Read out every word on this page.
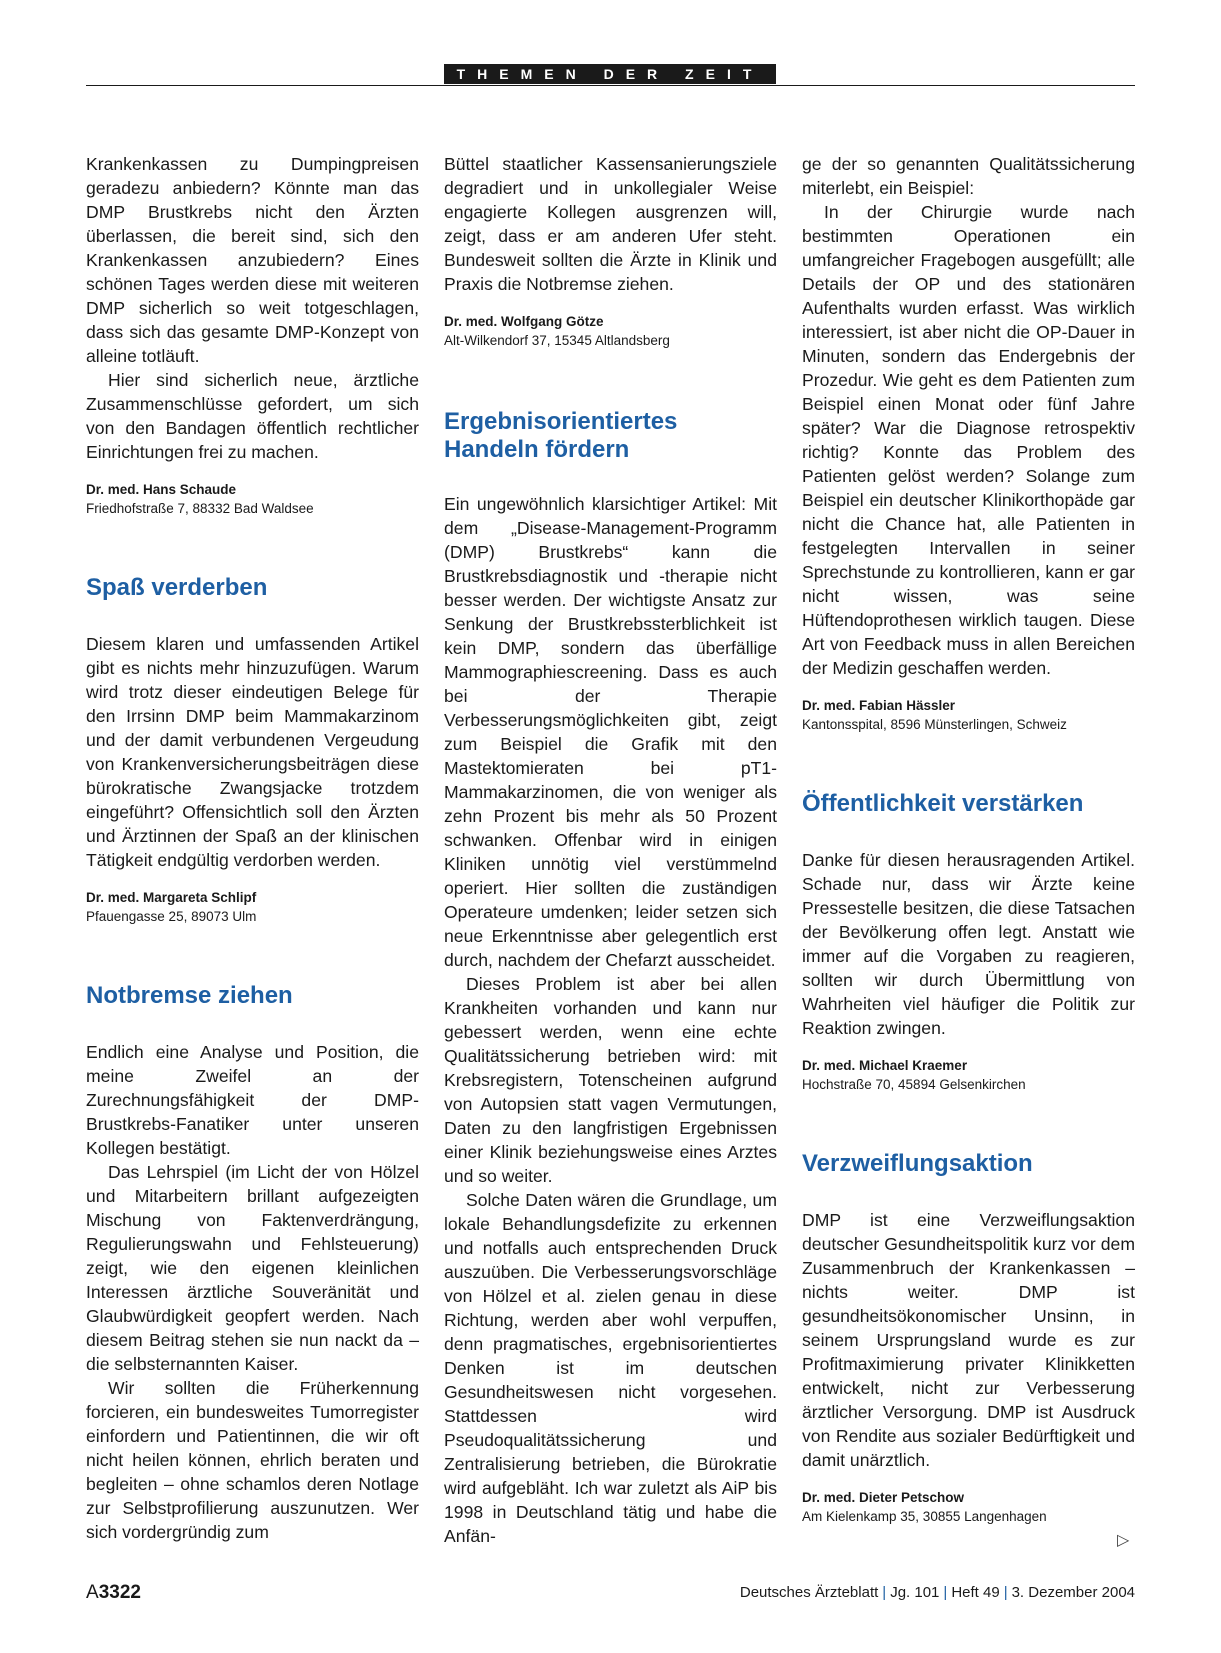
THEMEN DER ZEIT

Krankenkassen zu Dumpingpreisen geradezu anbiedern? Könnte man das DMP Brustkrebs nicht den Ärzten überlassen, die bereit sind, sich den Krankenkassen anzubiedern? Eines schönen Tages werden diese mit weiteren DMP sicherlich so weit totgeschlagen, dass sich das gesamte DMP-Konzept von alleine totläuft.

Hier sind sicherlich neue, ärztliche Zusammenschlüsse gefordert, um sich von den Bandagen öffentlich rechtlicher Einrichtungen frei zu machen.

Dr. med. Hans Schaude
Friedhofstraße 7, 88332 Bad Waldsee
Spaß verderben

Diesem klaren und umfassenden Artikel gibt es nichts mehr hinzuzufügen. Warum wird trotz dieser eindeutigen Belege für den Irrsinn DMP beim Mammakarzinom und der damit verbundenen Vergeudung von Krankenversicherungsbeiträgen diese bürokratische Zwangsjacke trotzdem eingeführt? Offensichtlich soll den Ärzten und Ärztinnen der Spaß an der klinischen Tätigkeit endgültig verdorben werden.

Dr. med. Margareta Schlipf
Pfauengasse 25, 89073 Ulm
Notbremse ziehen

Endlich eine Analyse und Position, die meine Zweifel an der Zurechnungsfähigkeit der DMP-Brustkrebs-Fanatiker unter unseren Kollegen bestätigt.

Das Lehrspiel (im Licht der von Hölzel und Mitarbeitern brillant aufgezeigten Mischung von Faktenverdrängung, Regulierungswahn und Fehlsteuerung) zeigt, wie den eigenen kleinlichen Interessen ärztliche Souveränität und Glaubwürdigkeit geopfert werden. Nach diesem Beitrag stehen sie nun nackt da – die selbsternannten Kaiser.

Wir sollten die Früherkennung forcieren, ein bundesweites Tumorregister einfordern und Patientinnen, die wir oft nicht heilen können, ehrlich beraten und begleiten – ohne schamlos deren Notlage zur Selbstprofilierung auszunutzen. Wer sich vordergründig zum

Büttel staatlicher Kassensanierungsziele degradiert und in unkollegialer Weise engagierte Kollegen ausgrenzen will, zeigt, dass er am anderen Ufer steht. Bundesweit sollten die Ärzte in Klinik und Praxis die Notbremse ziehen.

Dr. med. Wolfgang Götze
Alt-Wilkendorf 37, 15345 Altlandsberg
Ergebnisorientiertes Handeln fördern

Ein ungewöhnlich klarsichtiger Artikel: Mit dem „Disease-Management-Programm (DMP) Brustkrebs“ kann die Brustkrebsdiagnostik und -therapie nicht besser werden. Der wichtigste Ansatz zur Senkung der Brustkrebssterblichkeit ist kein DMP, sondern das überfällige Mammographiescreening. Dass es auch bei der Therapie Verbesserungsmöglichkeiten gibt, zeigt zum Beispiel die Grafik mit den Mastektomieraten bei pT1-Mammakarzinomen, die von weniger als zehn Prozent bis mehr als 50 Prozent schwanken. Offenbar wird in einigen Kliniken unnötig viel verstümmelnd operiert. Hier sollten die zuständigen Operateure umdenken; leider setzen sich neue Erkenntnisse aber gelegentlich erst durch, nachdem der Chefarzt ausscheidet.

Dieses Problem ist aber bei allen Krankheiten vorhanden und kann nur gebessert werden, wenn eine echte Qualitätssicherung betrieben wird: mit Krebsregistern, Totenscheinen aufgrund von Autopsien statt vagen Vermutungen, Daten zu den langfristigen Ergebnissen einer Klinik beziehungsweise eines Arztes und so weiter.

Solche Daten wären die Grundlage, um lokale Behandlungsdefizite zu erkennen und notfalls auch entsprechenden Druck auszuüben. Die Verbesserungsvorschläge von Hölzel et al. zielen genau in diese Richtung, werden aber wohl verpuffen, denn pragmatisches, ergebnisorientiertes Denken ist im deutschen Gesundheitswesen nicht vorgesehen. Stattdessen wird Pseudoqualitätssicherung und Zentralisierung betrieben, die Bürokratie wird aufgebläht. Ich war zuletzt als AiP bis 1998 in Deutschland tätig und habe die Anfän-

ge der so genannten Qualitätssicherung miterlebt, ein Beispiel:

In der Chirurgie wurde nach bestimmten Operationen ein umfangreicher Fragebogen ausgefüllt; alle Details der OP und des stationären Aufenthalts wurden erfasst. Was wirklich interessiert, ist aber nicht die OP-Dauer in Minuten, sondern das Endergebnis der Prozedur. Wie geht es dem Patienten zum Beispiel einen Monat oder fünf Jahre später? War die Diagnose retrospektiv richtig? Konnte das Problem des Patienten gelöst werden? Solange zum Beispiel ein deutscher Klinikorthopäde gar nicht die Chance hat, alle Patienten in festgelegten Intervallen in seiner Sprechstunde zu kontrollieren, kann er gar nicht wissen, was seine Hüftendoprothesen wirklich taugen. Diese Art von Feedback muss in allen Bereichen der Medizin geschaffen werden.

Dr. med. Fabian Hässler
Kantonsspital, 8596 Münsterlingen, Schweiz
Öffentlichkeit verstärken

Danke für diesen herausragenden Artikel. Schade nur, dass wir Ärzte keine Pressestelle besitzen, die diese Tatsachen der Bevölkerung offen legt. Anstatt wie immer auf die Vorgaben zu reagieren, sollten wir durch Übermittlung von Wahrheiten viel häufiger die Politik zur Reaktion zwingen.

Dr. med. Michael Kraemer
Hochstraße 70, 45894 Gelsenkirchen
Verzweiflungsaktion

DMP ist eine Verzweiflungsaktion deutscher Gesundheitspolitik kurz vor dem Zusammenbruch der Krankenkassen – nichts weiter. DMP ist gesundheitsökonomischer Unsinn, in seinem Ursprungsland wurde es zur Profitmaximierung privater Klinikketten entwickelt, nicht zur Verbesserung ärztlicher Versorgung. DMP ist Ausdruck von Rendite aus sozialer Bedürftigkeit und damit unärztlich.

Dr. med. Dieter Petschow
Am Kielenkamp 35, 30855 Langenhagen
▷
A3322	Deutsches Ärzteblatt | Jg. 101 | Heft 49 | 3. Dezember 2004
